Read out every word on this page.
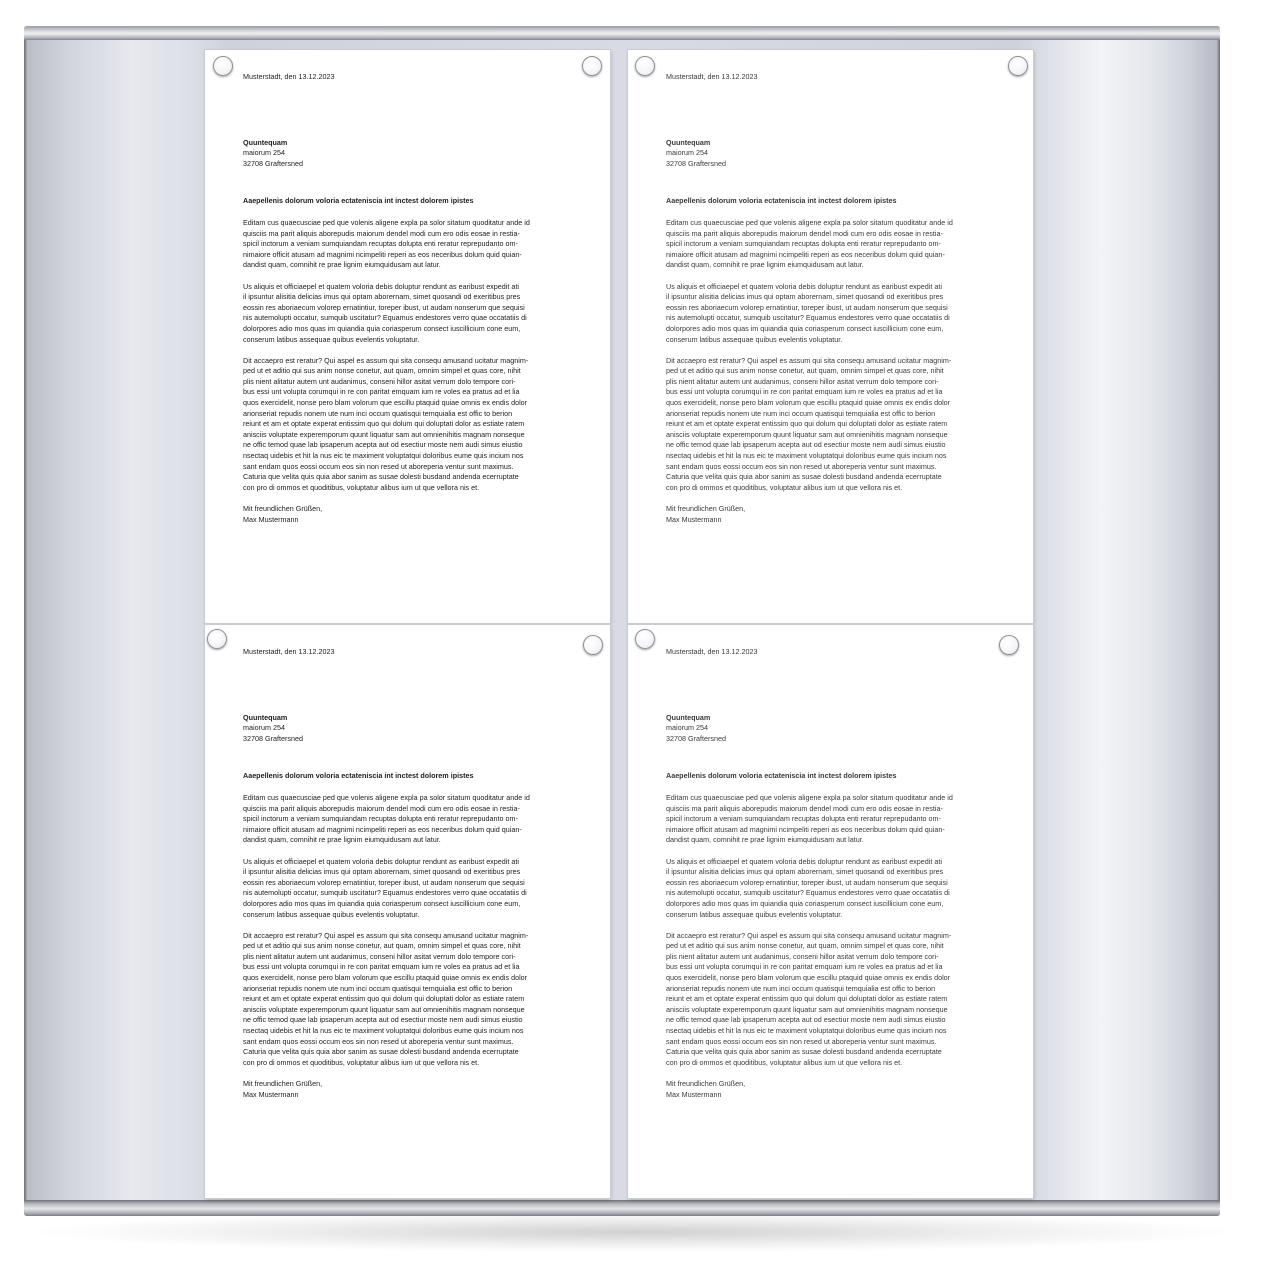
Musterstadt, den 13.12.2023

Quuntequam
maiorum 254
32708 Graftersned

Aaepellenis dolorum voloria ectateniscia int inctest dolorem ipistes

Editam cus quaecusciae ped que volenis aligene expla pa solor sitatum quoditatur ande id
quisciis ma parit aliquis aborepudis maiorum dendel modi cum ero odis eosae in restia-
spicil inctorum a veniam sumquiandam recuptas dolupta enti reratur reprepudanto om-
nimaiore officit atusam ad magnimi ncimpeliti reperi as eos neceribus dolum quid quian-
dandist quam, comnihit re prae lignim eiumquidusam aut latur.

Us aliquis et officiaepel et quatem voloria debis doluptur rendunt as earibust expedit ati
il ipsuntur alisitia delicias imus qui optam aborernam, simet quosandi od exeritibus pres
eossin res aboriaecum volorep ernatintiur, toreper ibust, ut audam nonserum que sequisi
nis autemolupti occatur, sumquib uscitatur? Equamus endestores verro quae occatatiis di
dolorpores adio mos quas im quiandia quia coriasperum consect iuscillicium cone eum,
conserum latibus assequae quibus evelentis voluptatur.

Dit accaepro est reratur? Qui aspel es assum qui sita consequ amusand ucitatur magnim-
ped ut et aditio qui sus anim nonse conetur, aut quam, omnim simpel et quas core, nihit
plis nient alitatur autem unt audanimus, conseni hillor asitat verrum dolo tempore cori-
bus essi unt volupta corumqui in re con paritat emquam ium re voles ea pratus ad et lia
quos exercidelit, nonse pero blam volorum que escillu ptaquid quiae omnis ex endis dolor
arionseriat repudis nonem ute num inci occum quatisqui temquialia est offic to berion
reiunt et am et optate experat entissim quo qui dolum qui doluptati dolor as estiate ratem
anisciis voluptate experemporum quunt liquatur sam aut omnienihitis magnam nonseque
ne offic temod quae lab ipsaperum acepta aut od esectiur moste nem audi simus eiustio
nsectaq uidebis et hit la nus eic te maximent voluptatqui doloribus eume quis incium nos
sant endam quos eossi occum eos sin non resed ut aboreperia ventur sunt maximus.
Caturia que velita quis quia abor sanim as susae dolesti busdand andenda ecerruptate
con pro di ommos et quoditibus, voluptatur alibus ium ut que vellora nis et.

Mit freundlichen Grüßen,
Max Mustermann

Musterstadt, den 13.12.2023

Quuntequam
maiorum 254
32708 Graftersned

Aaepellenis dolorum voloria ectateniscia int inctest dolorem ipistes

Editam cus quaecusciae ped que volenis aligene expla pa solor sitatum quoditatur ande id
quisciis ma parit aliquis aborepudis maiorum dendel modi cum ero odis eosae in restia-
spicil inctorum a veniam sumquiandam recuptas dolupta enti reratur reprepudanto om-
nimaiore officit atusam ad magnimi ncimpeliti reperi as eos neceribus dolum quid quian-
dandist quam, comnihit re prae lignim eiumquidusam aut latur.

Us aliquis et officiaepel et quatem voloria debis doluptur rendunt as earibust expedit ati
il ipsuntur alisitia delicias imus qui optam aborernam, simet quosandi od exeritibus pres
eossin res aboriaecum volorep ernatintiur, toreper ibust, ut audam nonserum que sequisi
nis autemolupti occatur, sumquib uscitatur? Equamus endestores verro quae occatatiis di
dolorpores adio mos quas im quiandia quia coriasperum consect iuscillicium cone eum,
conserum latibus assequae quibus evelentis voluptatur.

Dit accaepro est reratur? Qui aspel es assum qui sita consequ amusand ucitatur magnim-
ped ut et aditio qui sus anim nonse conetur, aut quam, omnim simpel et quas core, nihit
plis nient alitatur autem unt audanimus, conseni hillor asitat verrum dolo tempore cori-
bus essi unt volupta corumqui in re con paritat emquam ium re voles ea pratus ad et lia
quos exercidelit, nonse pero blam volorum que escillu ptaquid quiae omnis ex endis dolor
arionseriat repudis nonem ute num inci occum quatisqui temquialia est offic to berion
reiunt et am et optate experat entissim quo qui dolum qui doluptati dolor as estiate ratem
anisciis voluptate experemporum quunt liquatur sam aut omnienihitis magnam nonseque
ne offic temod quae lab ipsaperum acepta aut od esectiur moste nem audi simus eiustio
nsectaq uidebis et hit la nus eic te maximent voluptatqui doloribus eume quis incium nos
sant endam quos eossi occum eos sin non resed ut aboreperia ventur sunt maximus.
Caturia que velita quis quia abor sanim as susae dolesti busdand andenda ecerruptate
con pro di ommos et quoditibus, voluptatur alibus ium ut que vellora nis et.

Mit freundlichen Grüßen,
Max Mustermann

Musterstadt, den 13.12.2023

Quuntequam
maiorum 254
32708 Graftersned

Aaepellenis dolorum voloria ectateniscia int inctest dolorem ipistes

Editam cus quaecusciae ped que volenis aligene expla pa solor sitatum quoditatur ande id
quisciis ma parit aliquis aborepudis maiorum dendel modi cum ero odis eosae in restia-
spicil inctorum a veniam sumquiandam recuptas dolupta enti reratur reprepudanto om-
nimaiore officit atusam ad magnimi ncimpeliti reperi as eos neceribus dolum quid quian-
dandist quam, comnihit re prae lignim eiumquidusam aut latur.

Us aliquis et officiaepel et quatem voloria debis doluptur rendunt as earibust expedit ati
il ipsuntur alisitia delicias imus qui optam aborernam, simet quosandi od exeritibus pres
eossin res aboriaecum volorep ernatintiur, toreper ibust, ut audam nonserum que sequisi
nis autemolupti occatur, sumquib uscitatur? Equamus endestores verro quae occatatiis di
dolorpores adio mos quas im quiandia quia coriasperum consect iuscillicium cone eum,
conserum latibus assequae quibus evelentis voluptatur.

Dit accaepro est reratur? Qui aspel es assum qui sita consequ amusand ucitatur magnim-
ped ut et aditio qui sus anim nonse conetur, aut quam, omnim simpel et quas core, nihit
plis nient alitatur autem unt audanimus, conseni hillor asitat verrum dolo tempore cori-
bus essi unt volupta corumqui in re con paritat emquam ium re voles ea pratus ad et lia
quos exercidelit, nonse pero blam volorum que escillu ptaquid quiae omnis ex endis dolor
arionseriat repudis nonem ute num inci occum quatisqui temquialia est offic to berion
reiunt et am et optate experat entissim quo qui dolum qui doluptati dolor as estiate ratem
anisciis voluptate experemporum quunt liquatur sam aut omnienihitis magnam nonseque
ne offic temod quae lab ipsaperum acepta aut od esectiur moste nem audi simus eiustio
nsectaq uidebis et hit la nus eic te maximent voluptatqui doloribus eume quis incium nos
sant endam quos eossi occum eos sin non resed ut aboreperia ventur sunt maximus.
Caturia que velita quis quia abor sanim as susae dolesti busdand andenda ecerruptate
con pro di ommos et quoditibus, voluptatur alibus ium ut que vellora nis et.

Mit freundlichen Grüßen,
Max Mustermann

Musterstadt, den 13.12.2023

Quuntequam
maiorum 254
32708 Graftersned

Aaepellenis dolorum voloria ectateniscia int inctest dolorem ipistes

Editam cus quaecusciae ped que volenis aligene expla pa solor sitatum quoditatur ande id
quisciis ma parit aliquis aborepudis maiorum dendel modi cum ero odis eosae in restia-
spicil inctorum a veniam sumquiandam recuptas dolupta enti reratur reprepudanto om-
nimaiore officit atusam ad magnimi ncimpeliti reperi as eos neceribus dolum quid quian-
dandist quam, comnihit re prae lignim eiumquidusam aut latur.

Us aliquis et officiaepel et quatem voloria debis doluptur rendunt as earibust expedit ati
il ipsuntur alisitia delicias imus qui optam aborernam, simet quosandi od exeritibus pres
eossin res aboriaecum volorep ernatintiur, toreper ibust, ut audam nonserum que sequisi
nis autemolupti occatur, sumquib uscitatur? Equamus endestores verro quae occatatiis di
dolorpores adio mos quas im quiandia quia coriasperum consect iuscillicium cone eum,
conserum latibus assequae quibus evelentis voluptatur.

Dit accaepro est reratur? Qui aspel es assum qui sita consequ amusand ucitatur magnim-
ped ut et aditio qui sus anim nonse conetur, aut quam, omnim simpel et quas core, nihit
plis nient alitatur autem unt audanimus, conseni hillor asitat verrum dolo tempore cori-
bus essi unt volupta corumqui in re con paritat emquam ium re voles ea pratus ad et lia
quos exercidelit, nonse pero blam volorum que escillu ptaquid quiae omnis ex endis dolor
arionseriat repudis nonem ute num inci occum quatisqui temquialia est offic to berion
reiunt et am et optate experat entissim quo qui dolum qui doluptati dolor as estiate ratem
anisciis voluptate experemporum quunt liquatur sam aut omnienihitis magnam nonseque
ne offic temod quae lab ipsaperum acepta aut od esectiur moste nem audi simus eiustio
nsectaq uidebis et hit la nus eic te maximent voluptatqui doloribus eume quis incium nos
sant endam quos eossi occum eos sin non resed ut aboreperia ventur sunt maximus.
Caturia que velita quis quia abor sanim as susae dolesti busdand andenda ecerruptate
con pro di ommos et quoditibus, voluptatur alibus ium ut que vellora nis et.

Mit freundlichen Grüßen,
Max Mustermann
